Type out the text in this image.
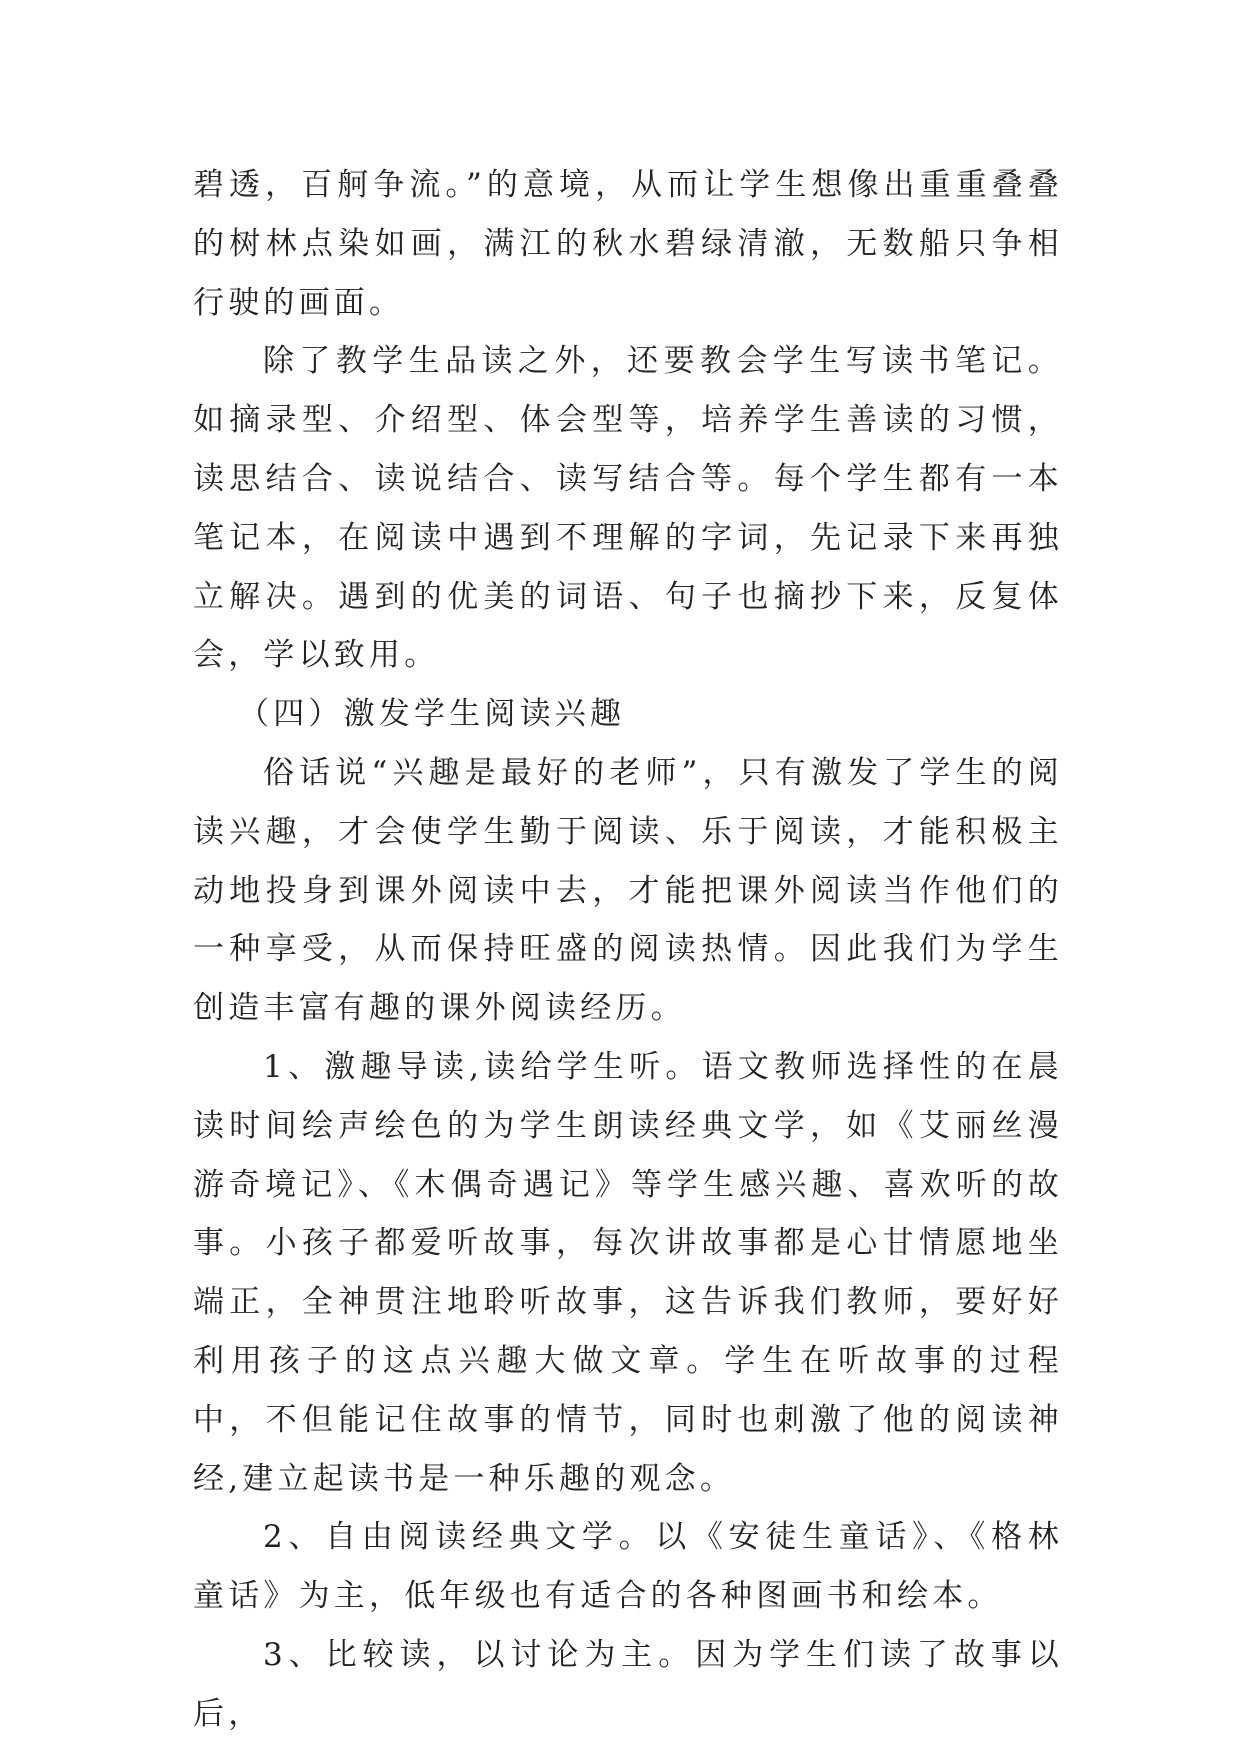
碧透，百舸争流。”的意境，从而让学生想像出重重叠叠的树林点染如画，满江的秋水碧绿清澈，无数船只争相行驶的画面。

除了教学生品读之外，还要教会学生写读书笔记。如摘录型、介绍型、体会型等，培养学生善读的习惯，读思结合、读说结合、读写结合等。每个学生都有一本笔记本，在阅读中遇到不理解的字词，先记录下来再独立解决。遇到的优美的词语、句子也摘抄下来，反复体会，学以致用。

（四）激发学生阅读兴趣

俗话说“兴趣是最好的老师”，只有激发了学生的阅读兴趣，才会使学生勤于阅读、乐于阅读，才能积极主动地投身到课外阅读中去，才能把课外阅读当作他们的一种享受，从而保持旺盛的阅读热情。因此我们为学生创造丰富有趣的课外阅读经历。

1、激趣导读,读给学生听。语文教师选择性的在晨读时间绘声绘色的为学生朗读经典文学，如《艾丽丝漫游奇境记》、《木偶奇遇记》等学生感兴趣、喜欢听的故事。小孩子都爱听故事，每次讲故事都是心甘情愿地坐端正，全神贯注地聆听故事，这告诉我们教师，要好好利用孩子的这点兴趣大做文章。学生在听故事的过程中，不但能记住故事的情节，同时也刺激了他的阅读神经,建立起读书是一种乐趣的观念。

2、自由阅读经典文学。以《安徒生童话》、《格林童话》为主，低年级也有适合的各种图画书和绘本。

3、比较读，以讨论为主。因为学生们读了故事以后，
